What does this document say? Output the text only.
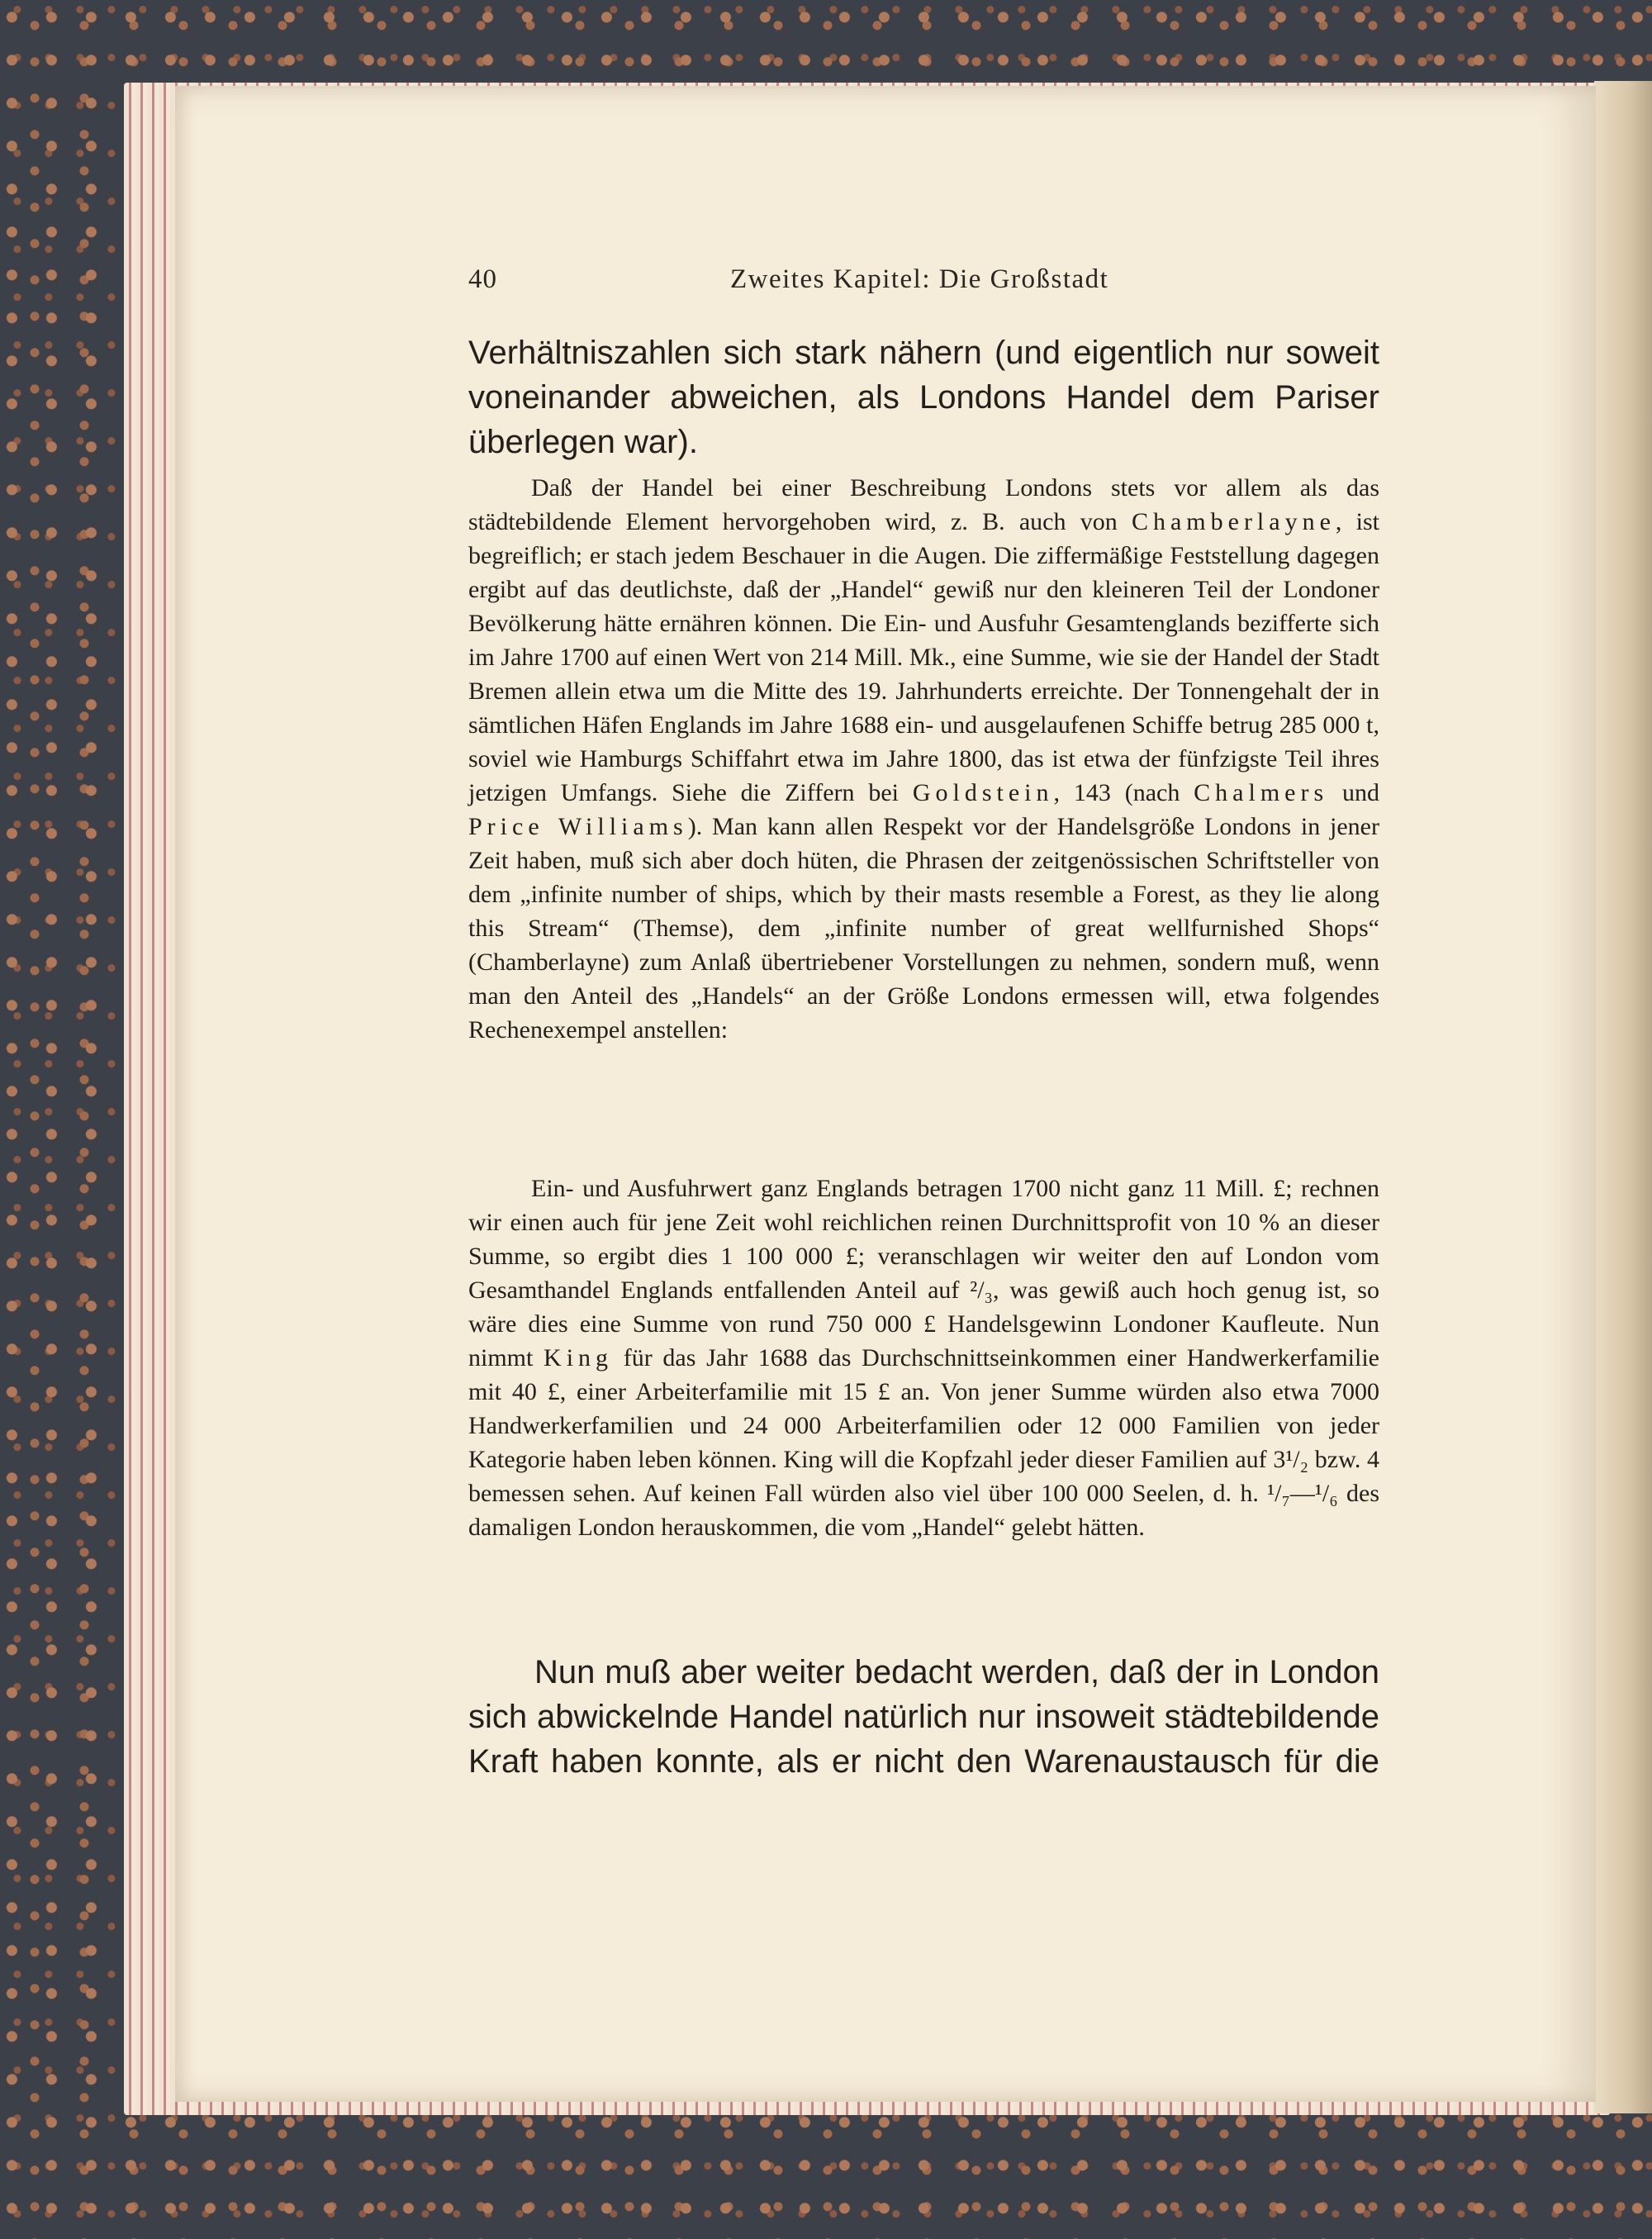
40	Zweites Kapitel: Die Großstadt

Verhältniszahlen sich stark nähern (und eigentlich nur soweit voneinander abweichen, als Londons Handel dem Pariser überlegen war).

Daß der Handel bei einer Beschreibung Londons stets vor allem als das städtebildende Element hervorgehoben wird, z. B. auch von Chamberlayne, ist begreiflich; er stach jedem Beschauer in die Augen. Die ziffermäßige Feststellung dagegen ergibt auf das deutlichste, daß der „Handel“ gewiß nur den kleineren Teil der Londoner Bevölkerung hätte ernähren können. Die Ein- und Ausfuhr Gesamtenglands bezifferte sich im Jahre 1700 auf einen Wert von 214 Mill. Mk., eine Summe, wie sie der Handel der Stadt Bremen allein etwa um die Mitte des 19. Jahrhunderts erreichte. Der Tonnengehalt der in sämtlichen Häfen Englands im Jahre 1688 ein- und ausgelaufenen Schiffe betrug 285 000 t, soviel wie Hamburgs Schiffahrt etwa im Jahre 1800, das ist etwa der fünfzigste Teil ihres jetzigen Umfangs. Siehe die Ziffern bei Goldstein, 143 (nach Chalmers und Price Williams). Man kann allen Respekt vor der Handelsgröße Londons in jener Zeit haben, muß sich aber doch hüten, die Phrasen der zeitgenössischen Schriftsteller von dem „infinite number of ships, which by their masts resemble a Forest, as they lie along this Stream“ (Themse), dem „infinite number of great wellfurnished Shops“ (Chamberlayne) zum Anlaß übertriebener Vorstellungen zu nehmen, sondern muß, wenn man den Anteil des „Handels“ an der Größe Londons ermessen will, etwa folgendes Rechenexempel anstellen:

Ein- und Ausfuhrwert ganz Englands betragen 1700 nicht ganz 11 Mill. £; rechnen wir einen auch für jene Zeit wohl reichlichen reinen Durchnittsprofit von 10 % an dieser Summe, so ergibt dies 1 100 000 £; veranschlagen wir weiter den auf London vom Gesamthandel Englands entfallenden Anteil auf ²/₃, was gewiß auch hoch genug ist, so wäre dies eine Summe von rund 750 000 £ Handelsgewinn Londoner Kaufleute. Nun nimmt King für das Jahr 1688 das Durchschnittseinkommen einer Handwerkerfamilie mit 40 £, einer Arbeiterfamilie mit 15 £ an. Von jener Summe würden also etwa 7000 Handwerkerfamilien und 24 000 Arbeiterfamilien oder 12 000 Familien von jeder Kategorie haben leben können. King will die Kopfzahl jeder dieser Familien auf 3¹/₂ bzw. 4 bemessen sehen. Auf keinen Fall würden also viel über 100 000 Seelen, d. h. ¹/₇—¹/₆ des damaligen London herauskommen, die vom „Handel“ gelebt hätten.

Nun muß aber weiter bedacht werden, daß der in London sich abwickelnde Handel natürlich nur insoweit städtebildende Kraft haben konnte, als er nicht den Warenaustausch für die
